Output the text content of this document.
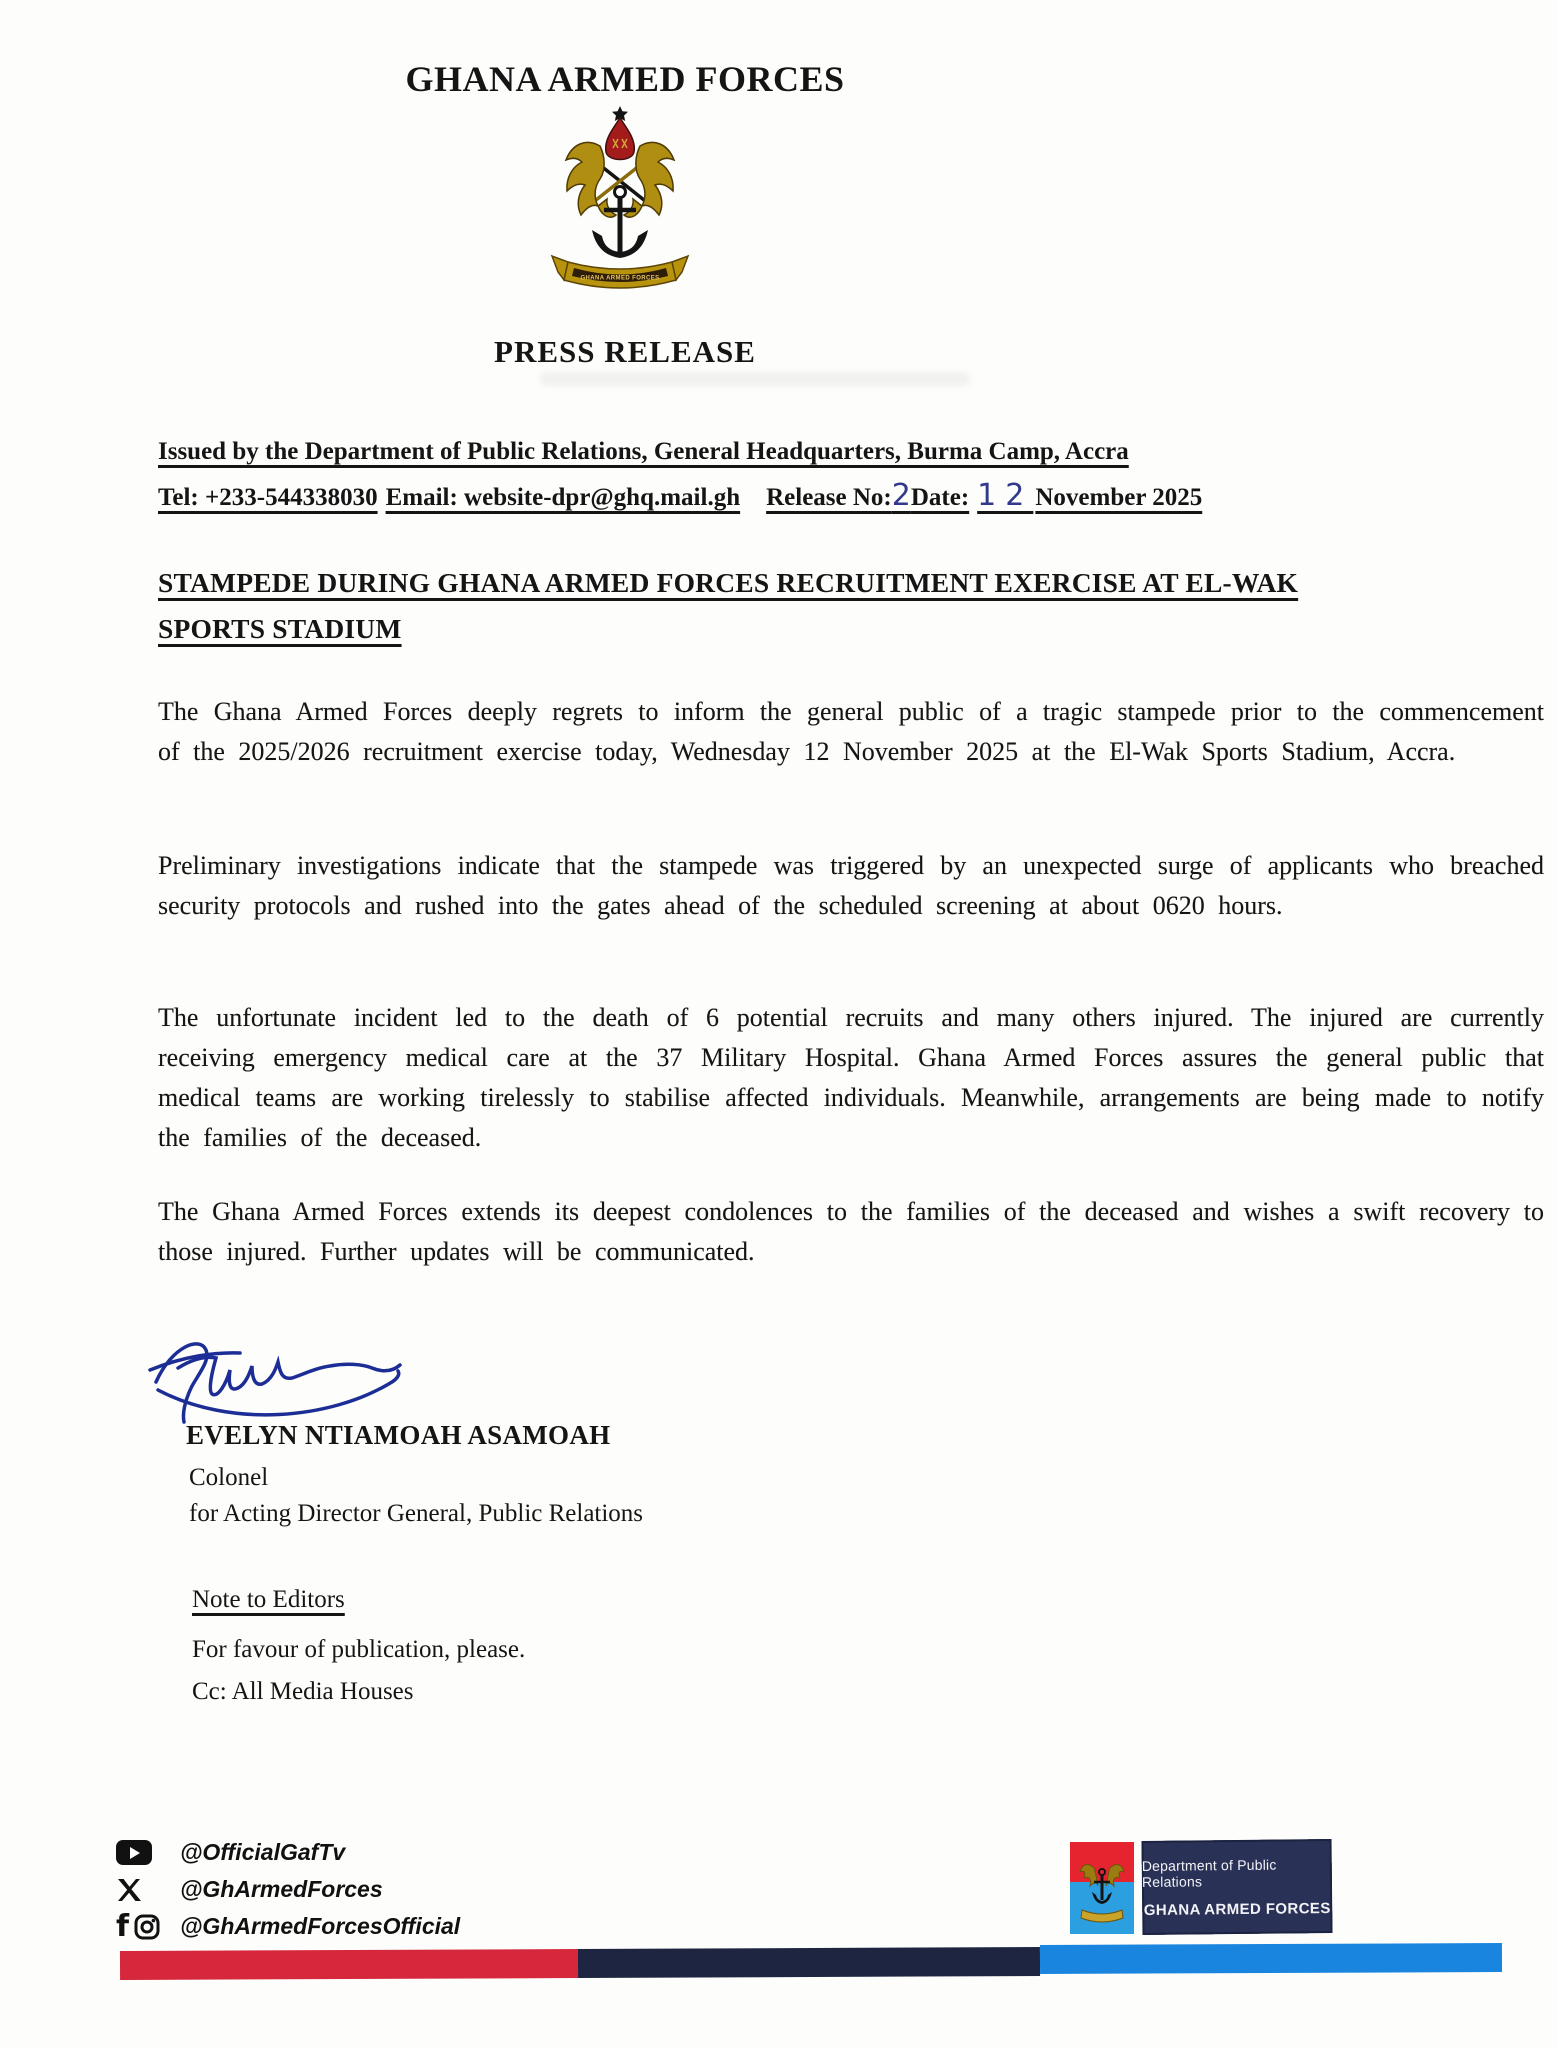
GHANA ARMED FORCES
GHANA ARMED FORCES
PRESS RELEASE
Issued by the Department of Public Relations, General Headquarters, Burma Camp, Accra
Tel: +233-544338030 Email: website-dpr@ghq.mail.gh Release No:2Date: 12November 2025
STAMPEDE DURING GHANA ARMED FORCES RECRUITMENT EXERCISE AT EL-WAK
SPORTS STADIUM

The Ghana Armed Forces deeply regrets to inform the general public of a tragic stampede prior to the commencement of the 2025/2026 recruitment exercise today, Wednesday 12 November 2025 at the El-Wak Sports Stadium, Accra.

Preliminary investigations indicate that the stampede was triggered by an unexpected surge of applicants who breached security protocols and rushed into the gates ahead of the scheduled screening at about 0620 hours.

The unfortunate incident led to the death of 6 potential recruits and many others injured. The injured are currently receiving emergency medical care at the 37 Military Hospital. Ghana Armed Forces assures the general public that medical teams are working tirelessly to stabilise affected individuals. Meanwhile, arrangements are being made to notify the families of the deceased.

The Ghana Armed Forces extends its deepest condolences to the families of the deceased and wishes a swift recovery to those injured. Further updates will be communicated.

EVELYN NTIAMOAH ASAMOAH
Colonel
for Acting Director General, Public Relations
Note to Editors
For favour of publication, please.
Cc: All Media Houses
@OfficialGafTv
@GhArmedForces
f @GhArmedForcesOfficial
Department of Public Relations
GHANA ARMED FORCES
